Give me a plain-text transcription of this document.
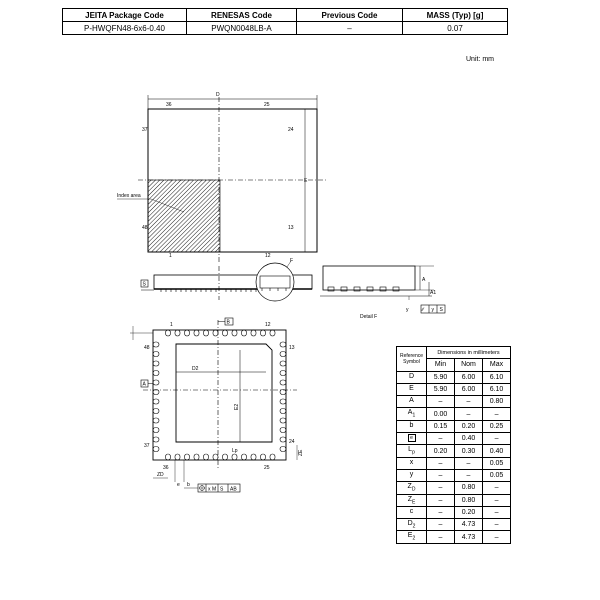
JEITA Package Code	RENESAS Code	Previous Code	MASS (Typ) [g]
P-HWQFN48-6x6-0.40	PWQN0048LB-A	–	0.07
Unit: mm
D
E
36	25
37	24
48	13
1	12
Index area
S
F
A
A1
y	∕∕ y S
Detail F
1	12
48	13
37
24
36	25
A
B
D2
E2
ZE
ZD
e b
Lp
x M S AB
Reference Symbol	Dimensions in millimeters		
	Min	Nom	Max
D	5.90	6.00	6.10
E	5.90	6.00	6.10
A	–	–	0.80
$A_1$	0.00	–	–
b	0.15	0.20	0.25
e	–	0.40	–
$L_p$	0.20	0.30	0.40
x	–	–	0.05
y	–	–	0.05
$Z_D$	–	0.80	–
$Z_E$	–	0.80	–
c	–	0.20	–
$D_2$	–	4.73	–
$E_2$	–	4.73	–
